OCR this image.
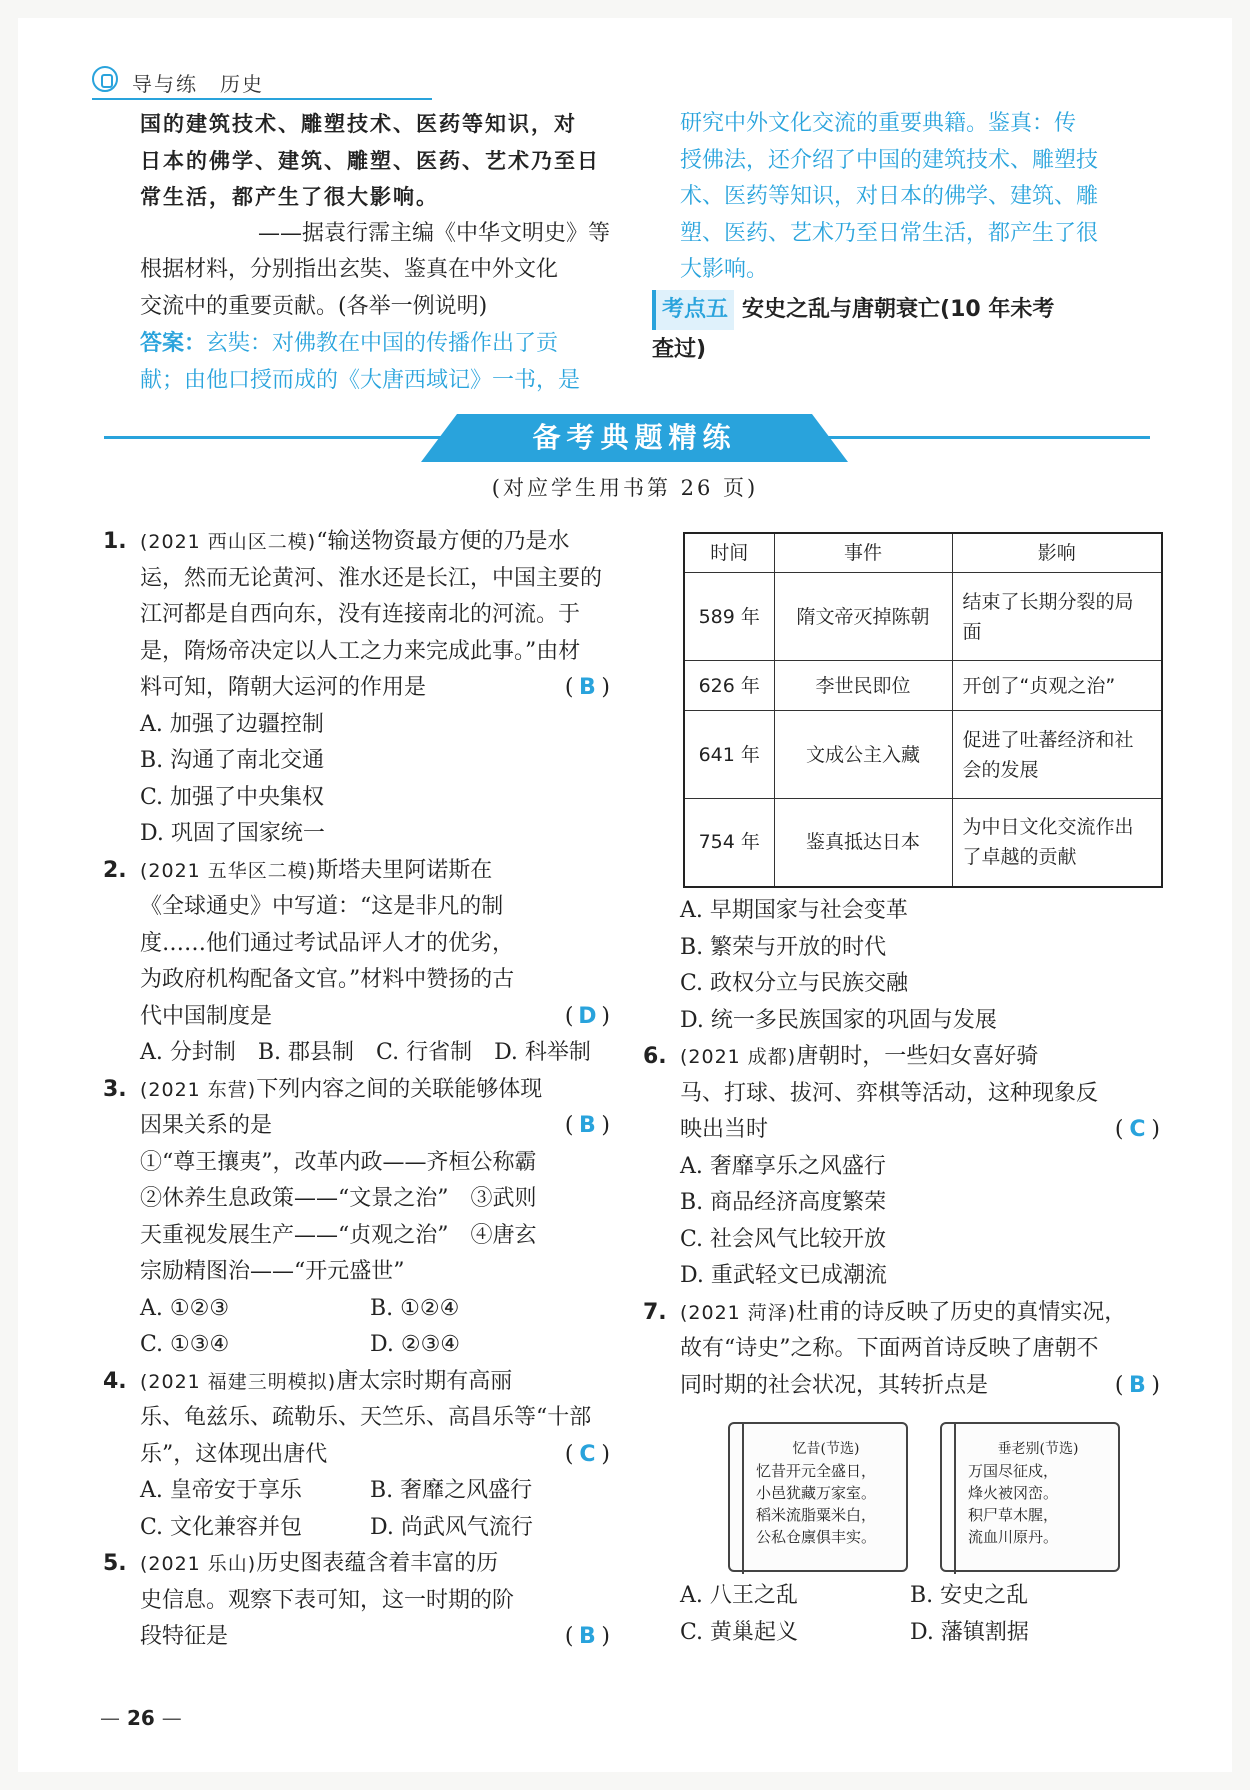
导与练　历史
国的建筑技术、雕塑技术、医药等知识，对
日本的佛学、建筑、雕塑、医药、艺术乃至日
常生活，都产生了很大影响。
——据袁行霈主编《中华文明史》等
根据材料，分别指出玄奘、鉴真在中外文化
交流中的重要贡献。(各举一例说明)
答案：玄奘：对佛教在中国的传播作出了贡
献；由他口授而成的《大唐西域记》一书，是
研究中外文化交流的重要典籍。鉴真：传
授佛法，还介绍了中国的建筑技术、雕塑技
术、医药等知识，对日本的佛学、建筑、雕
塑、医药、艺术乃至日常生活，都产生了很
大影响。
考点五 安史之乱与唐朝衰亡(10 年未考
查过)
备考典题精练
(对应学生用书第 26 页)
1. (2021 西山区二模)“输送物资最方便的乃是水
运，然而无论黄河、淮水还是长江，中国主要的
江河都是自西向东，没有连接南北的河流。于
是，隋炀帝决定以人工之力来完成此事。”由材
料可知，隋朝大运河的作用是	( B )
A. 加强了边疆控制
B. 沟通了南北交通
C. 加强了中央集权
D. 巩固了国家统一
2. (2021 五华区二模)斯塔夫里阿诺斯在
《全球通史》中写道：“这是非凡的制
度……他们通过考试品评人才的优劣，
为政府机构配备文官。”材料中赞扬的古
代中国制度是	( D )
A. 分封制　B. 郡县制　C. 行省制　D. 科举制
3. (2021 东营)下列内容之间的关联能够体现
因果关系的是	( B )
①“尊王攘夷”，改革内政——齐桓公称霸
②休养生息政策——“文景之治”　③武则
天重视发展生产——“贞观之治”　④唐玄
宗励精图治——“开元盛世”
A. ①②③	B. ①②④
C. ①③④	D. ②③④
4. (2021 福建三明模拟)唐太宗时期有高丽
乐、龟兹乐、疏勒乐、天竺乐、高昌乐等“十部
乐”，这体现出唐代	( C )
A. 皇帝安于享乐	B. 奢靡之风盛行
C. 文化兼容并包	D. 尚武风气流行
5. (2021 乐山)历史图表蕴含着丰富的历
史信息。观察下表可知，这一时期的阶
段特征是	( B )
时间	事件	影响
589 年	隋文帝灭掉陈朝	结束了长期分裂的局面
626 年	李世民即位	开创了“贞观之治”
641 年	文成公主入藏	促进了吐蕃经济和社会的发展
754 年	鉴真抵达日本	为中日文化交流作出了卓越的贡献
A. 早期国家与社会变革
B. 繁荣与开放的时代
C. 政权分立与民族交融
D. 统一多民族国家的巩固与发展
6. (2021 成都)唐朝时，一些妇女喜好骑
马、打球、拔河、弈棋等活动，这种现象反
映出当时	( C )
A. 奢靡享乐之风盛行
B. 商品经济高度繁荣
C. 社会风气比较开放
D. 重武轻文已成潮流
7. (2021 菏泽)杜甫的诗反映了历史的真情实况，
故有“诗史”之称。下面两首诗反映了唐朝不
同时期的社会状况，其转折点是	( B )
忆昔(节选)
忆昔开元全盛日，
小邑犹藏万家室。
稻米流脂粟米白，
公私仓廪俱丰实。
垂老别(节选)
万国尽征戍，
烽火被冈峦。
积尸草木腥，
流血川原丹。
A. 八王之乱	B. 安史之乱
C. 黄巢起义	D. 藩镇割据
— 26 —
